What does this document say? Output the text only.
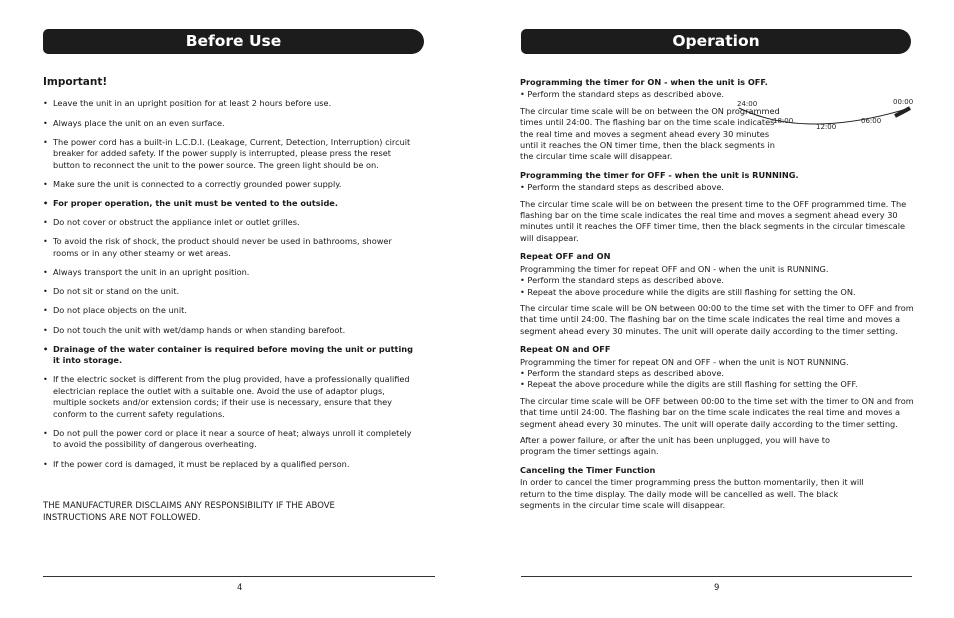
Before Use
Important!
• Leave the unit in an upright position for at least 2 hours before use.
• Always place the unit on an even surface.
• The power cord has a built-in L.C.D.I. (Leakage, Current, Detection, Interruption) circuit breaker for added safety. If the power supply is interrupted, please press the reset button to reconnect the unit to the power source. The green light should be on.
• Make sure the unit is connected to a correctly grounded power supply.
• For proper operation, the unit must be vented to the outside.
• Do not cover or obstruct the appliance inlet or outlet grilles.
• To avoid the risk of shock, the product should never be used in bathrooms, shower rooms or in any other steamy or wet areas.
• Always transport the unit in an upright position.
• Do not sit or stand on the unit.
• Do not place objects on the unit.
• Do not touch the unit with wet/damp hands or when standing barefoot.
• Drainage of the water container is required before moving the unit or putting it into storage.
• If the electric socket is different from the plug provided, have a professionally qualified electrician replace the outlet with a suitable one. Avoid the use of adaptor plugs, multiple sockets and/or extension cords; if their use is necessary, ensure that they conform to the current safety regulations.
• Do not pull the power cord or place it near a source of heat; always unroll it completely to avoid the possibility of dangerous overheating.
• If the power cord is damaged, it must be replaced by a qualified person.
THE MANUFACTURER DISCLAIMS ANY RESPONSIBILITY IF THE ABOVE INSTRUCTIONS ARE NOT FOLLOWED.
4
Operation
Programming the timer for ON - when the unit is OFF.
• Perform the standard steps as described above.
The circular time scale will be on between the ON programmed times until 24:00. The flashing bar on the time scale indicates the real time and moves a segment ahead every 30 minutes until it reaches the ON timer time, then the black segments in the circular time scale will disappear.
Programming the timer for OFF - when the unit is RUNNING.
• Perform the standard steps as described above.
The circular time scale will be on between the present time to the OFF programmed time. The flashing bar on the time scale indicates the real time and moves a segment ahead every 30 minutes until it reaches the OFF timer time, then the black segments in the circular timescale will disappear.
Repeat OFF and ON
Programming the timer for repeat OFF and ON - when the unit is RUNNING.
• Perform the standard steps as described above.
• Repeat the above procedure while the digits are still flashing for setting the ON.
The circular time scale will be ON between 00:00 to the time set with the timer to OFF and from that time until 24:00. The flashing bar on the time scale indicates the real time and moves a segment ahead every 30 minutes. The unit will operate daily according to the timer setting.
Repeat ON and OFF
Programming the timer for repeat ON and OFF - when the unit is NOT RUNNING.
• Perform the standard steps as described above.
• Repeat the above procedure while the digits are still flashing for setting the OFF.
The circular time scale will be OFF between 00:00 to the time set with the timer to ON and from that time until 24:00. The flashing bar on the time scale indicates the real time and moves a segment ahead every 30 minutes. The unit will operate daily according to the timer setting.
After a power failure, or after the unit has been unplugged, you will have to program the timer settings again.
Canceling the Timer Function
In order to cancel the timer programming press the button momentarily, then it will return to the time display. The daily mode will be cancelled as well. The black segments in the circular time scale will disappear.
24:00
18:00
12:00
06:00
00:00
9
